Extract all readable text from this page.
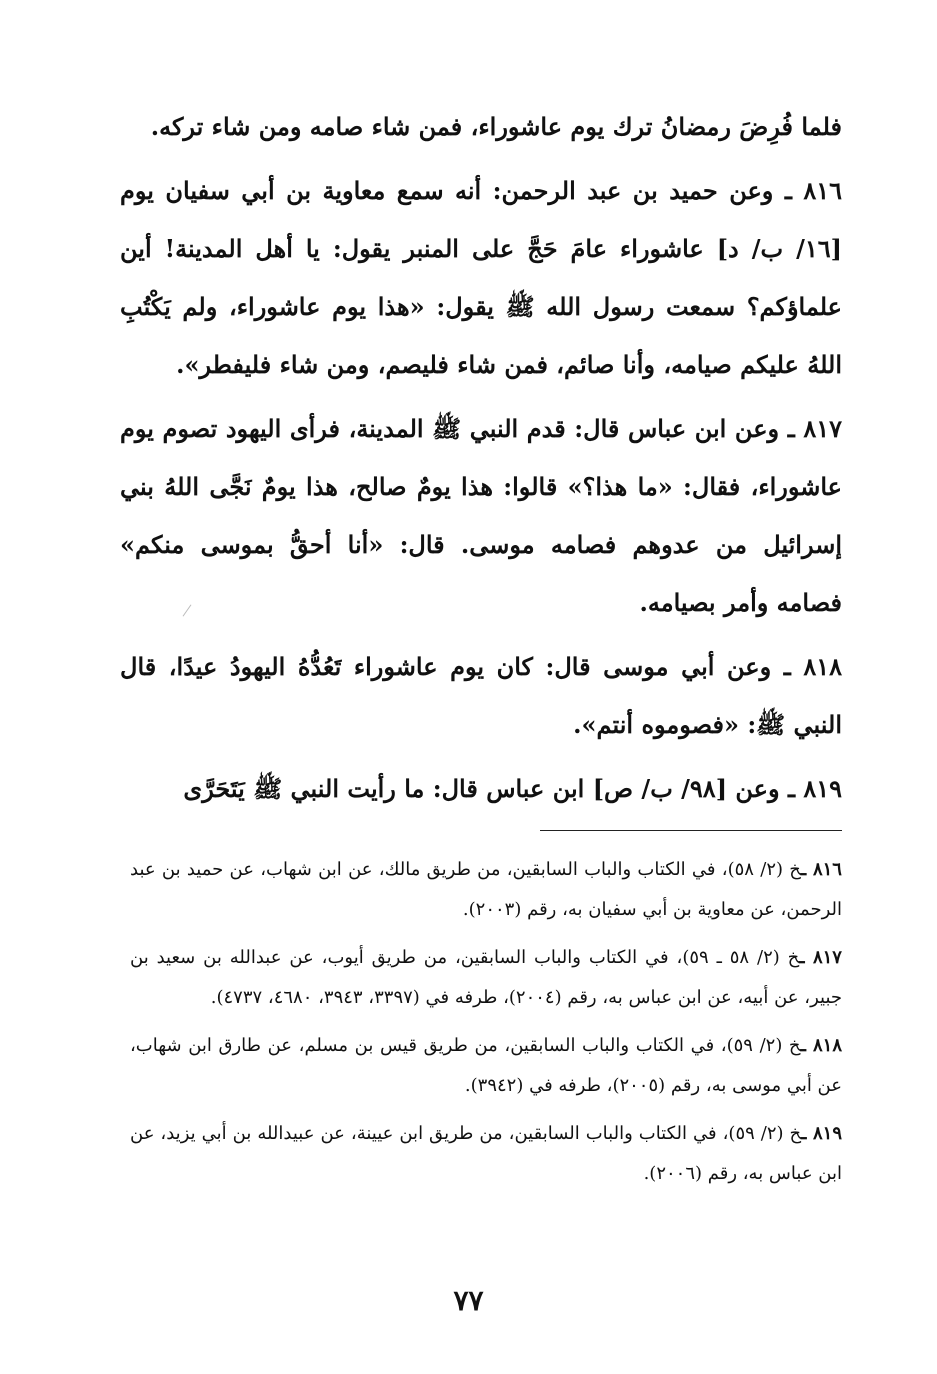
فلما فُرِضَ رمضانُ ترك يوم عاشوراء، فمن شاء صامه ومن شاء تركه.

٨١٦ ـ وعن حميد بن عبد الرحمن: أنه سمع معاوية بن أبي سفيان يوم [١٦/ ب/ د] عاشوراء عامَ حَجَّ على المنبر يقول: يا أهل المدينة! أين علماؤكم؟ سمعت رسول الله ﷺ يقول: «هذا يوم عاشوراء، ولم يَكْتُبِ اللهُ عليكم صيامه، وأنا صائم، فمن شاء فليصم، ومن شاء فليفطر».

٨١٧ ـ وعن ابن عباس قال: قدم النبي ﷺ المدينة، فرأى اليهود تصوم يوم عاشوراء، فقال: «ما هذا؟» قالوا: هذا يومٌ صالح، هذا يومٌ نَجَّى اللهُ بني إسرائيل من عدوهم فصامه موسى. قال: «أنا أحقُّ بموسى منكم» فصامه وأمر بصيامه.

٨١٨ ـ وعن أبي موسى قال: كان يوم عاشوراء تَعُدُّهُ اليهودُ عيدًا، قال النبي ﷺ: «فصوموه أنتم».

٨١٩ ـ وعن [٩٨/ ب/ ص] ابن عباس قال: ما رأيت النبي ﷺ يَتَحَرَّى

٨١٦ ـخ (٢/ ٥٨)، في الكتاب والباب السابقين، من طريق مالك، عن ابن شهاب، عن حميد بن عبد الرحمن، عن معاوية بن أبي سفيان به، رقم (٢٠٠٣).

٨١٧ ـخ (٢/ ٥٨ ـ ٥٩)، في الكتاب والباب السابقين، من طريق أيوب، عن عبدالله بن سعيد بن جبير، عن أبيه، عن ابن عباس به، رقم (٢٠٠٤)، طرفه في (٣٣٩٧، ٣٩٤٣، ٤٦٨٠، ٤٧٣٧).

٨١٨ ـخ (٢/ ٥٩)، في الكتاب والباب السابقين، من طريق قيس بن مسلم، عن طارق ابن شهاب، عن أبي موسى به، رقم (٢٠٠٥)، طرفه في (٣٩٤٢).

٨١٩ ـخ (٢/ ٥٩)، في الكتاب والباب السابقين، من طريق ابن عيينة، عن عبيدالله بن أبي يزيد، عن ابن عباس به، رقم (٢٠٠٦).

٧٧
